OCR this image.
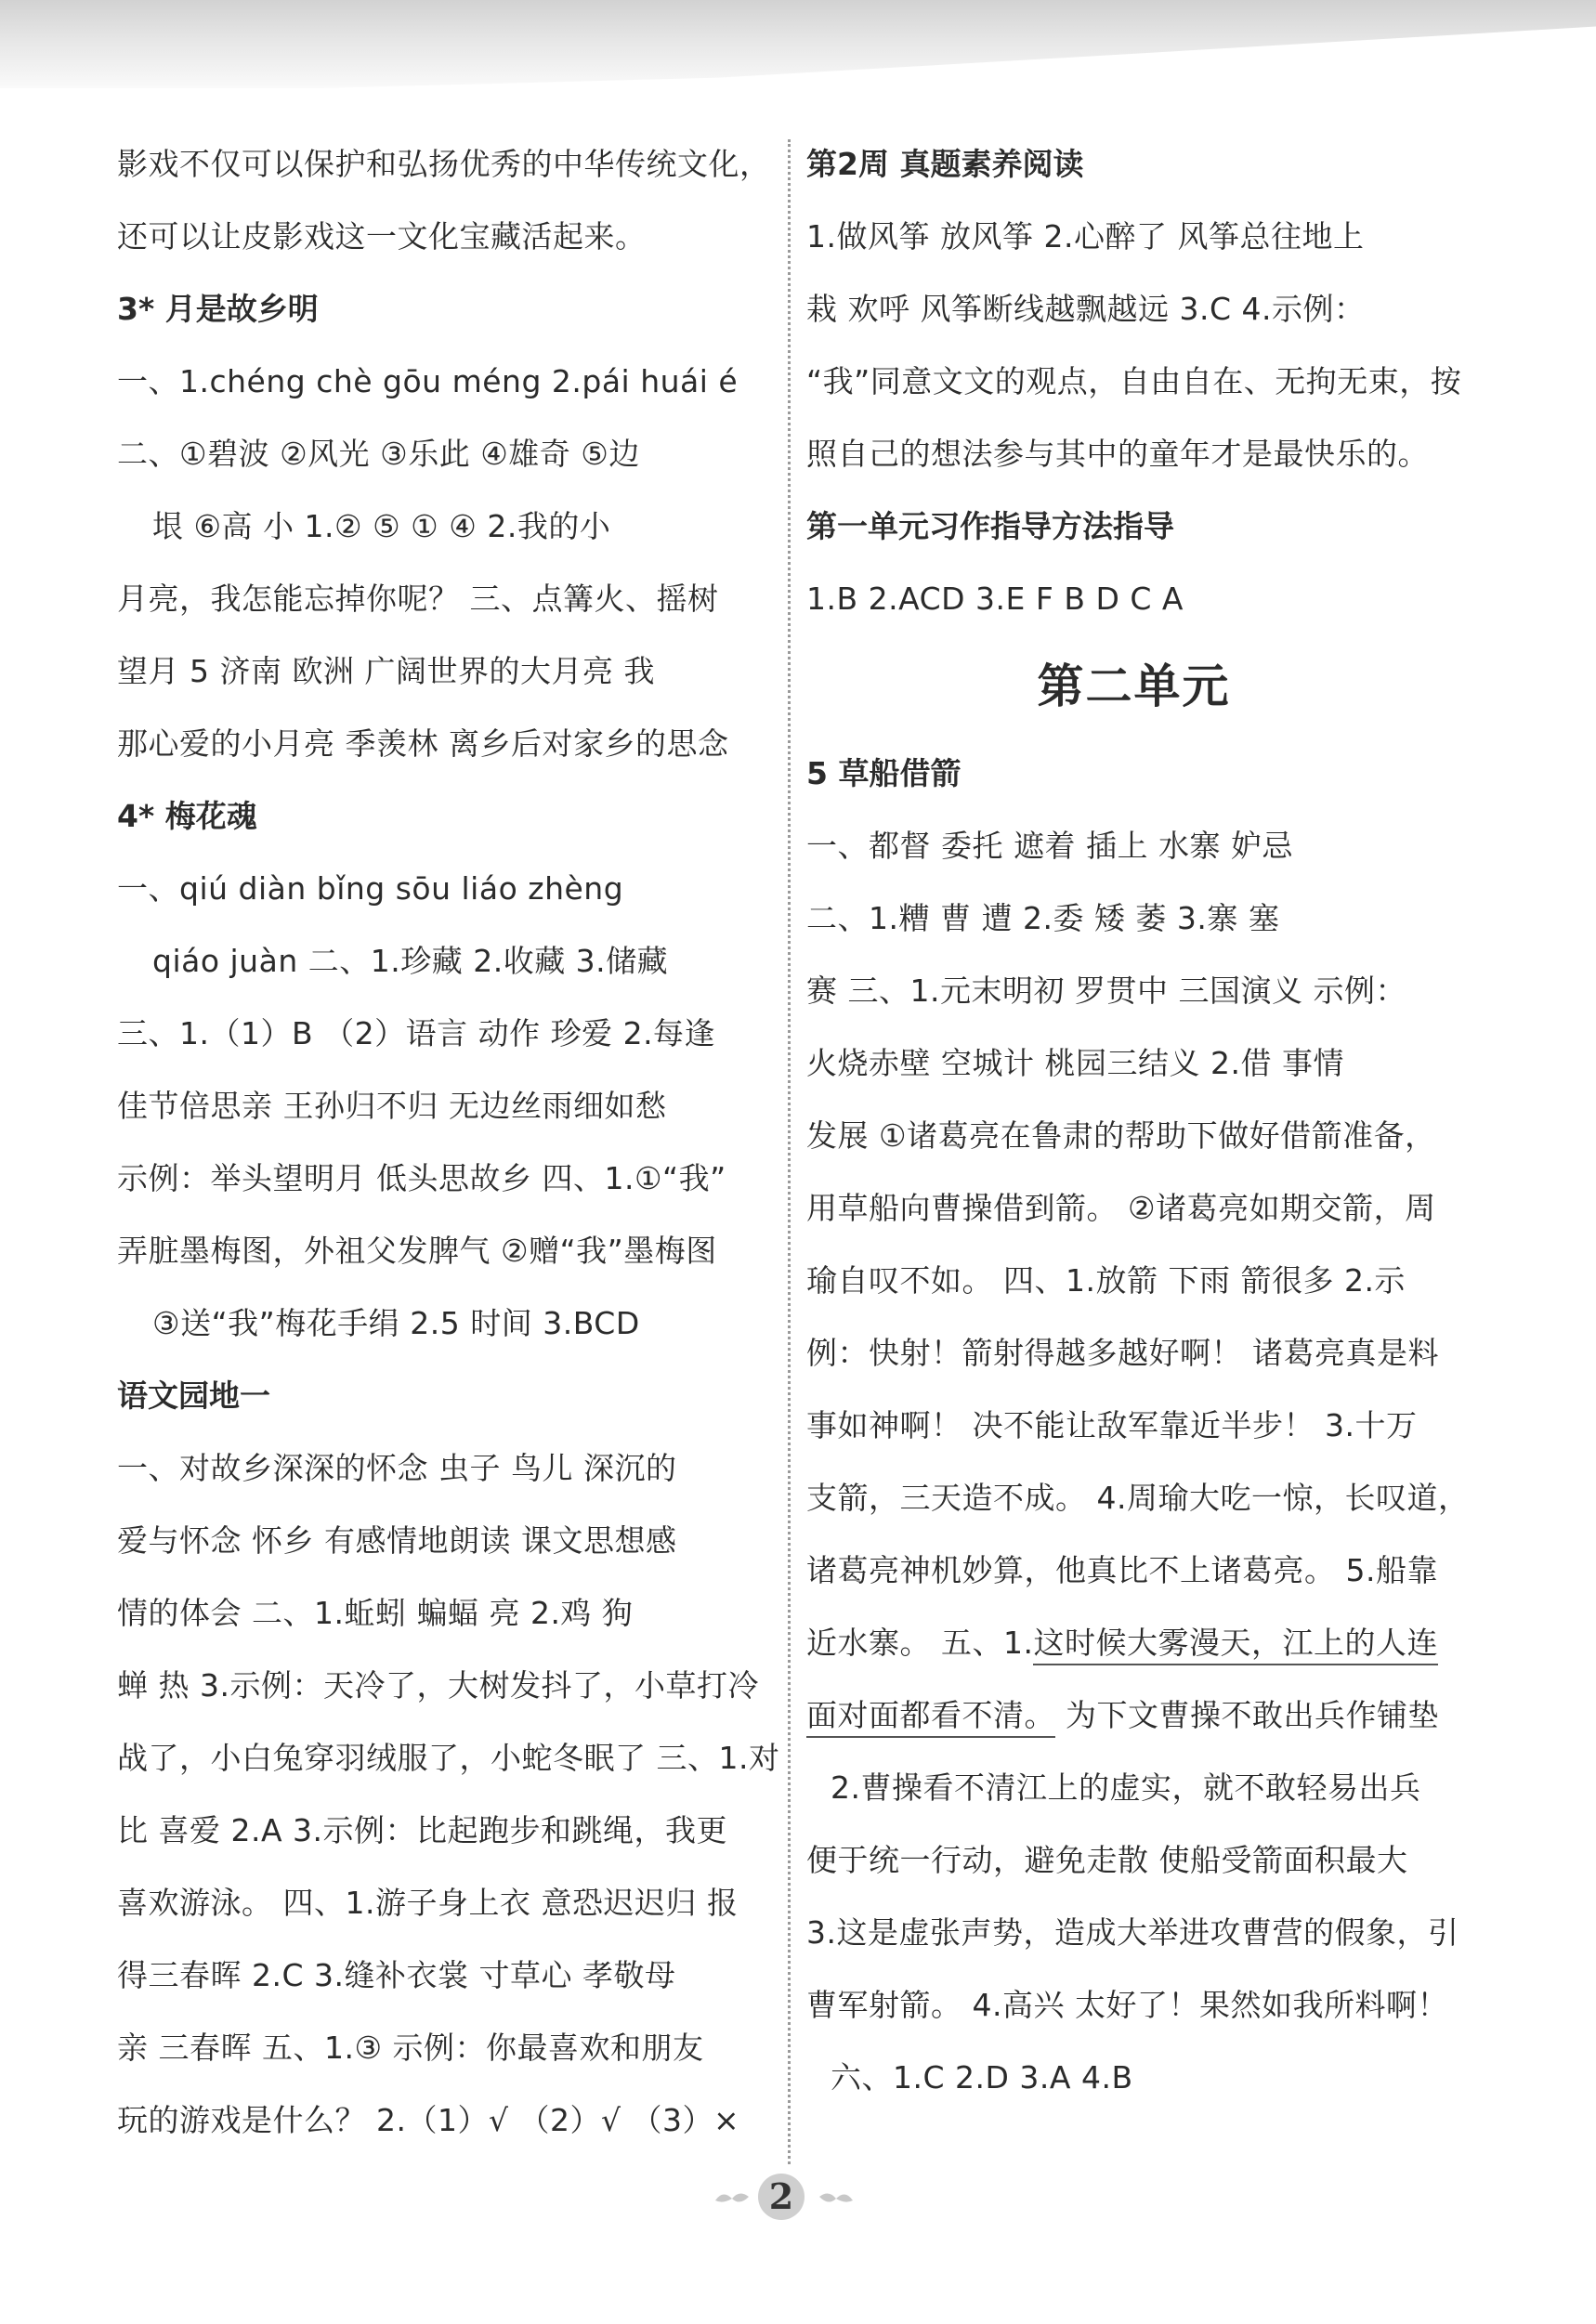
影戏不仅可以保护和弘扬优秀的中华传统文化，
还可以让皮影戏这一文化宝藏活起来。
3* 月是故乡明
一、1.chéng chè gōu méng 2.pái huái é
二、①碧波 ②风光 ③乐此 ④雄奇 ⑤边
垠 ⑥高 小 1.② ⑤ ① ④ 2.我的小
月亮，我怎能忘掉你呢？ 三、点篝火、摇树
望月 5 济南 欧洲 广阔世界的大月亮 我
那心爱的小月亮 季羡林 离乡后对家乡的思念
4* 梅花魂
一、qiú diàn bǐng sōu liáo zhèng
qiáo juàn 二、1.珍藏 2.收藏 3.储藏
三、1.（1）B （2）语言 动作 珍爱 2.每逢
佳节倍思亲 王孙归不归 无边丝雨细如愁
示例：举头望明月 低头思故乡 四、1.①“我”
弄脏墨梅图，外祖父发脾气 ②赠“我”墨梅图
③送“我”梅花手绢 2.5 时间 3.BCD
语文园地一
一、对故乡深深的怀念 虫子 鸟儿 深沉的
爱与怀念 怀乡 有感情地朗读 课文思想感
情的体会 二、1.蚯蚓 蝙蝠 亮 2.鸡 狗
蝉 热 3.示例：天冷了，大树发抖了，小草打冷
战了，小白兔穿羽绒服了，小蛇冬眠了 三、1.对
比 喜爱 2.A 3.示例：比起跑步和跳绳，我更
喜欢游泳。 四、1.游子身上衣 意恐迟迟归 报
得三春晖 2.C 3.缝补衣裳 寸草心 孝敬母
亲 三春晖 五、1.③ 示例：你最喜欢和朋友
玩的游戏是什么？ 2.（1）√ （2）√ （3）×
第2周 真题素养阅读
1.做风筝 放风筝 2.心醉了 风筝总往地上
栽 欢呼 风筝断线越飘越远 3.C 4.示例：
“我”同意文文的观点，自由自在、无拘无束，按
照自己的想法参与其中的童年才是最快乐的。
第一单元习作指导方法指导
1.B 2.ACD 3.E F B D C A
第二单元
5 草船借箭
一、都督 委托 遮着 插上 水寨 妒忌
二、1.糟 曹 遭 2.委 矮 萎 3.寨 塞
赛 三、1.元末明初 罗贯中 三国演义 示例：
火烧赤壁 空城计 桃园三结义 2.借 事情
发展 ①诸葛亮在鲁肃的帮助下做好借箭准备，
用草船向曹操借到箭。 ②诸葛亮如期交箭，周
瑜自叹不如。 四、1.放箭 下雨 箭很多 2.示
例：快射！箭射得越多越好啊！ 诸葛亮真是料
事如神啊！ 决不能让敌军靠近半步！ 3.十万
支箭，三天造不成。 4.周瑜大吃一惊，长叹道，
诸葛亮神机妙算，他真比不上诸葛亮。 5.船靠
近水寨。 五、1.这时候大雾漫天，江上的人连
面对面都看不清。 为下文曹操不敢出兵作铺垫
2.曹操看不清江上的虚实，就不敢轻易出兵
便于统一行动，避免走散 使船受箭面积最大
3.这是虚张声势，造成大举进攻曹营的假象，引
曹军射箭。 4.高兴 太好了！果然如我所料啊！
六、1.C 2.D 3.A 4.B
2
